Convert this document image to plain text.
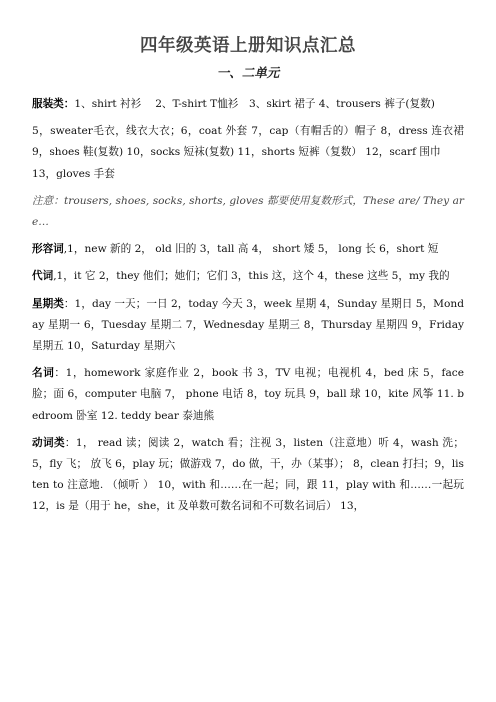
四年级英语上册知识点汇总
一、二单元

服装类：1、shirt 衬衫　 2、T-shirt T恤衫　3、skirt 裙子 4、trousers 裤子(复数)

5，sweater毛衣，线衣大衣；6，coat 外套 7，cap（有帽舌的）帽子 8，dress 连衣裙 9，shoes 鞋(复数) 10，socks 短袜(复数) 11，shorts 短裤（复数） 12，scarf 围巾

13，gloves 手套

注意：trousers, shoes, socks, shorts, gloves 都要使用复数形式，These are/ They are…

形容词,1，new 新的 2， old 旧的 3，tall 高 4， short 矮 5， long 长 6，short 短

代词,1，it 它 2，they 他们；她们；它们 3，this 这，这个 4，these 这些 5，my 我的

星期类：1，day 一天；一日 2，today 今天 3，week 星期 4，Sunday 星期日 5，Monday 星期一 6，Tuesday 星期二 7，Wednesday 星期三 8，Thursday 星期四 9，Friday 星期五 10，Saturday 星期六

名词：1，homework 家庭作业 2，book 书 3，TV 电视；电视机 4，bed 床 5，face 脸；面 6，computer 电脑 7， phone 电话 8，toy 玩具 9，ball 球 10，kite 风筝 11. bedroom 卧室 12. teddy bear 泰迪熊

动词类：1， read 读；阅读 2，watch 看；注视 3，listen（注意地）听 4，wash 洗；5，fly 飞； 放飞 6，play 玩；做游戏 7，do 做，干，办（某事）； 8，clean 打扫；9，listen to 注意地. （倾听 ） 10，with 和……在一起；同，跟 11，play with 和……一起玩 12，is 是（用于 he，she，it 及单数可数名词和不可数名词后） 13，
